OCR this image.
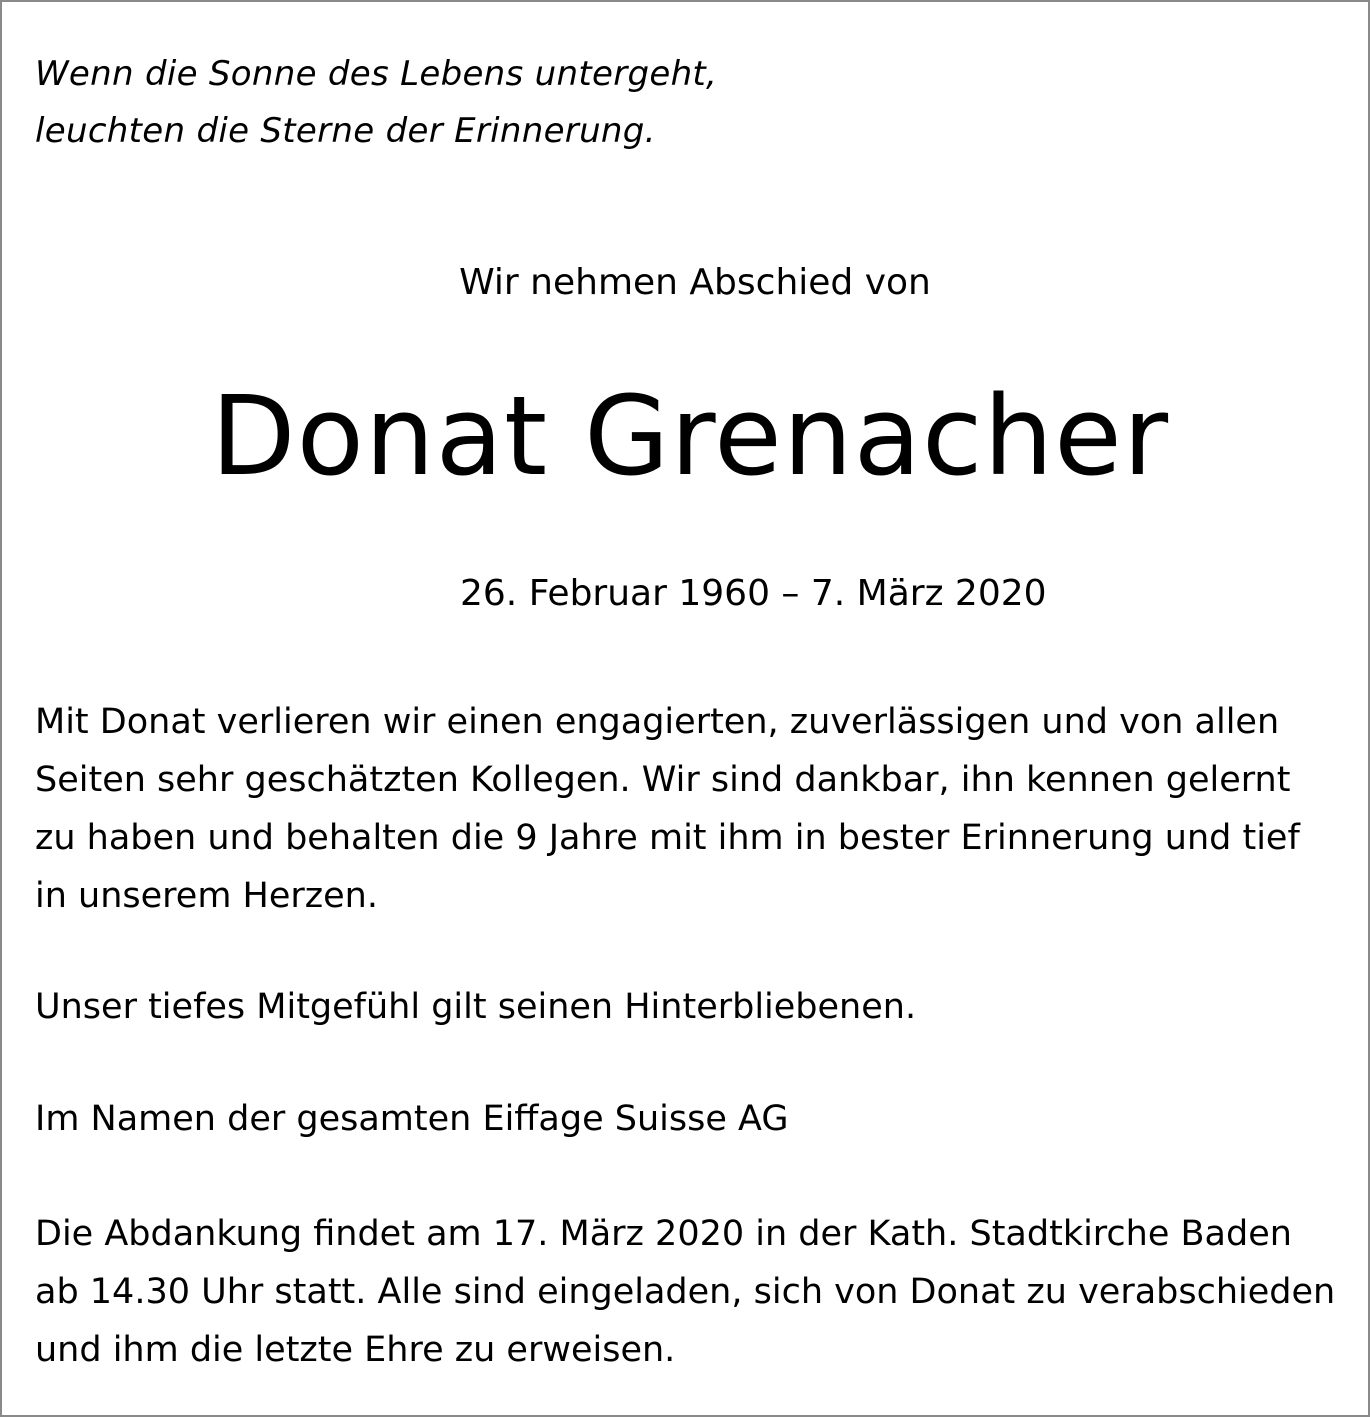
Wenn die Sonne des Lebens untergeht,
leuchten die Sterne der Erinnerung.
Wir nehmen Abschied von
Donat Grenacher
26. Februar 1960 – 7. März 2020
Mit Donat verlieren wir einen engagierten, zuverlässigen und von allen
Seiten sehr geschätzten Kollegen. Wir sind dankbar, ihn kennen gelernt
zu haben und behalten die 9 Jahre mit ihm in bester Erinnerung und tief
in unserem Herzen.
Unser tiefes Mitgefühl gilt seinen Hinterbliebenen.
Im Namen der gesamten Eiffage Suisse AG
Die Abdankung findet am 17. März 2020 in der Kath. Stadtkirche Baden
ab 14.30 Uhr statt. Alle sind eingeladen, sich von Donat zu verabschieden
und ihm die letzte Ehre zu erweisen.
